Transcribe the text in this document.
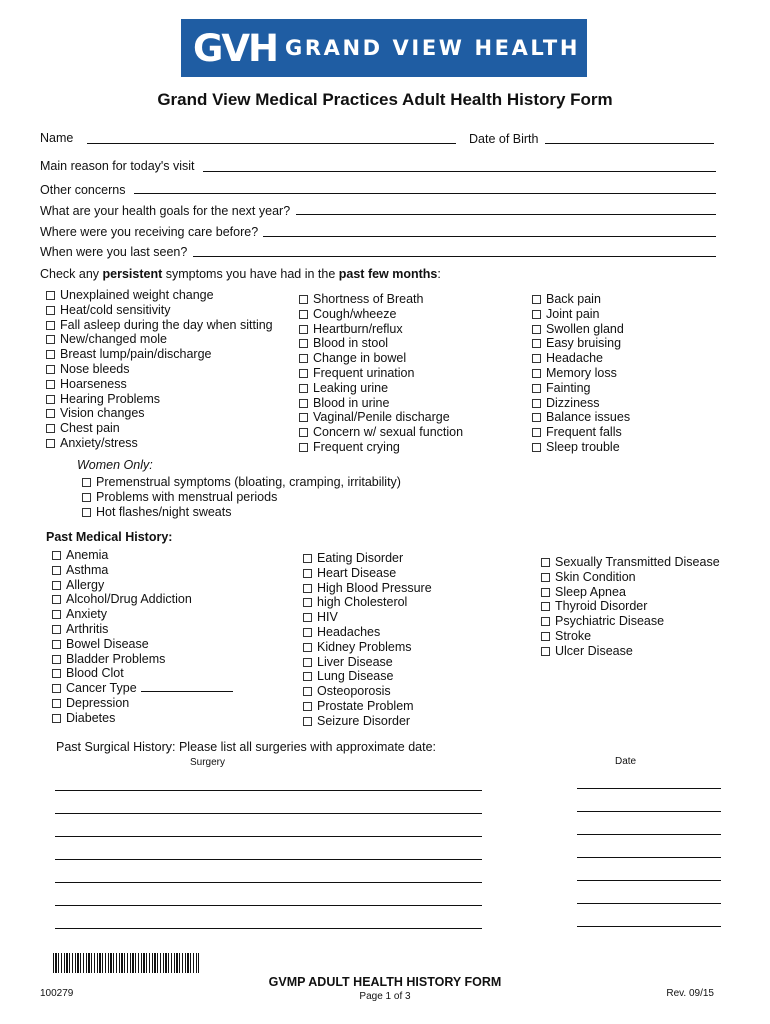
GVH GRAND VIEW HEALTH
Grand View Medical Practices Adult Health History Form
Name	Date of Birth
Main reason for today's visit
Other concerns
What are your health goals for the next year?
Where were you receiving care before?
When were you last seen?
Check any persistent symptoms you have had in the past few months:
Unexplained weight change
Heat/cold sensitivity
Fall asleep during the day when sitting
New/changed mole
Breast lump/pain/discharge
Nose bleeds
Hoarseness
Hearing Problems
Vision changes
Chest pain
Anxiety/stress
Shortness of Breath
Cough/wheeze
Heartburn/reflux
Blood in stool
Change in bowel
Frequent urination
Leaking urine
Blood in urine
Vaginal/Penile discharge
Concern w/ sexual function
Frequent crying
Back pain
Joint pain
Swollen gland
Easy bruising
Headache
Memory loss
Fainting
Dizziness
Balance issues
Frequent falls
Sleep trouble
Women Only:
Premenstrual symptoms (bloating, cramping, irritability)
Problems with menstrual periods
Hot flashes/night sweats
Past Medical History:
Anemia
Asthma
Allergy
Alcohol/Drug Addiction
Anxiety
Arthritis
Bowel Disease
Bladder Problems
Blood Clot
Cancer Type
Depression
Diabetes
Eating Disorder
Heart Disease
High Blood Pressure
high Cholesterol
HIV
Headaches
Kidney Problems
Liver Disease
Lung Disease
Osteoporosis
Prostate Problem
Seizure Disorder
Sexually Transmitted Disease
Skin Condition
Sleep Apnea
Thyroid Disorder
Psychiatric Disease
Stroke
Ulcer Disease
Past Surgical History: Please list all surgeries with approximate date:
Surgery	Date
100279
GVMP ADULT HEALTH HISTORY FORM
Page 1 of 3	Rev. 09/15
